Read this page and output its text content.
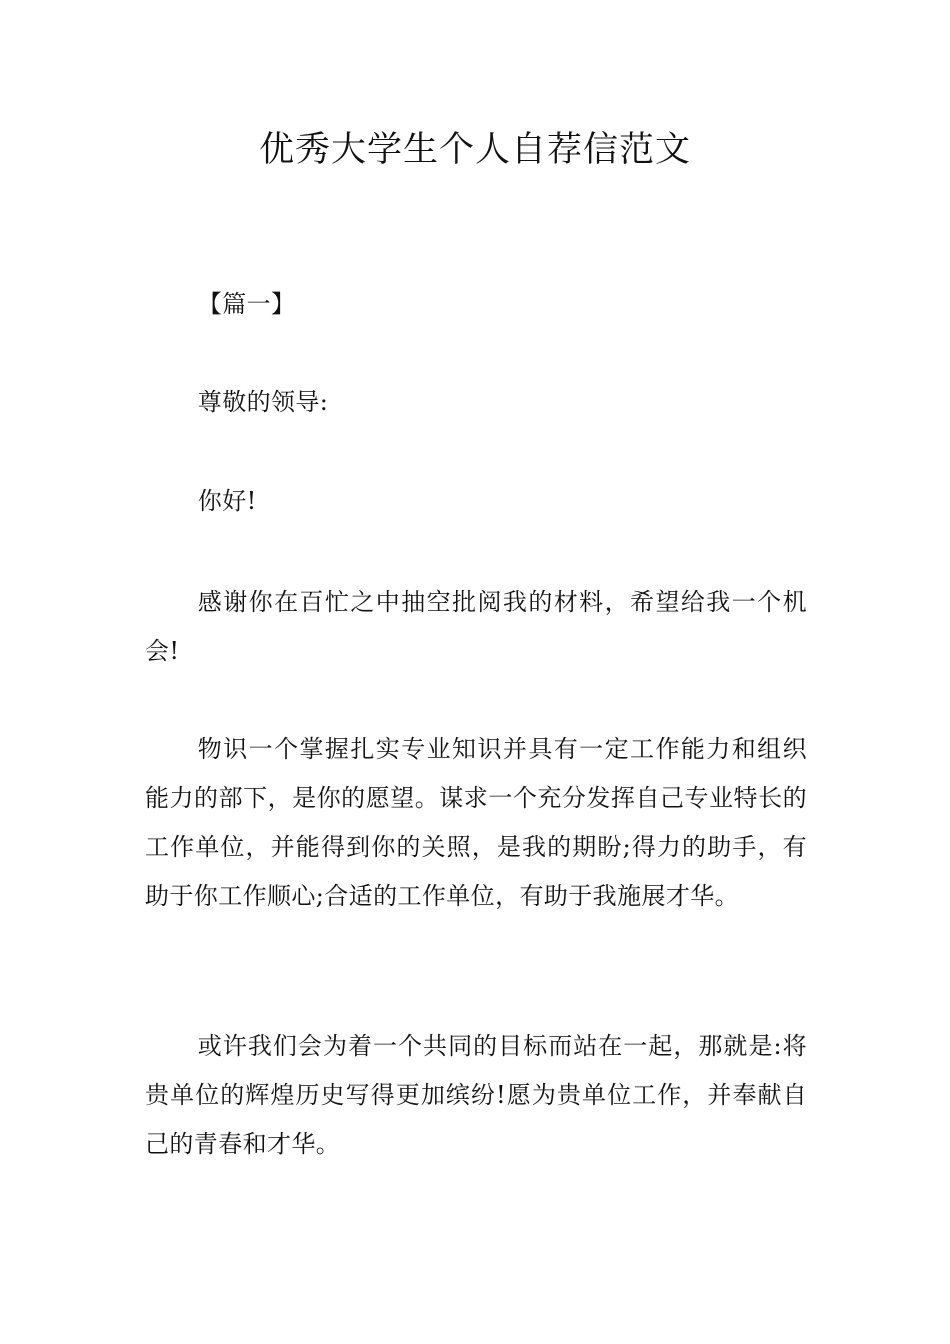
优秀大学生个人自荐信范文

【篇一】

尊敬的领导:

你好!

感谢你在百忙之中抽空批阅我的材料，希望给我一个机会!

物识一个掌握扎实专业知识并具有一定工作能力和组织能力的部下，是你的愿望。谋求一个充分发挥自己专业特长的工作单位，并能得到你的关照，是我的期盼;得力的助手，有助于你工作顺心;合适的工作单位，有助于我施展才华。

或许我们会为着一个共同的目标而站在一起，那就是:将贵单位的辉煌历史写得更加缤纷!愿为贵单位工作，并奉献自己的青春和才华。
